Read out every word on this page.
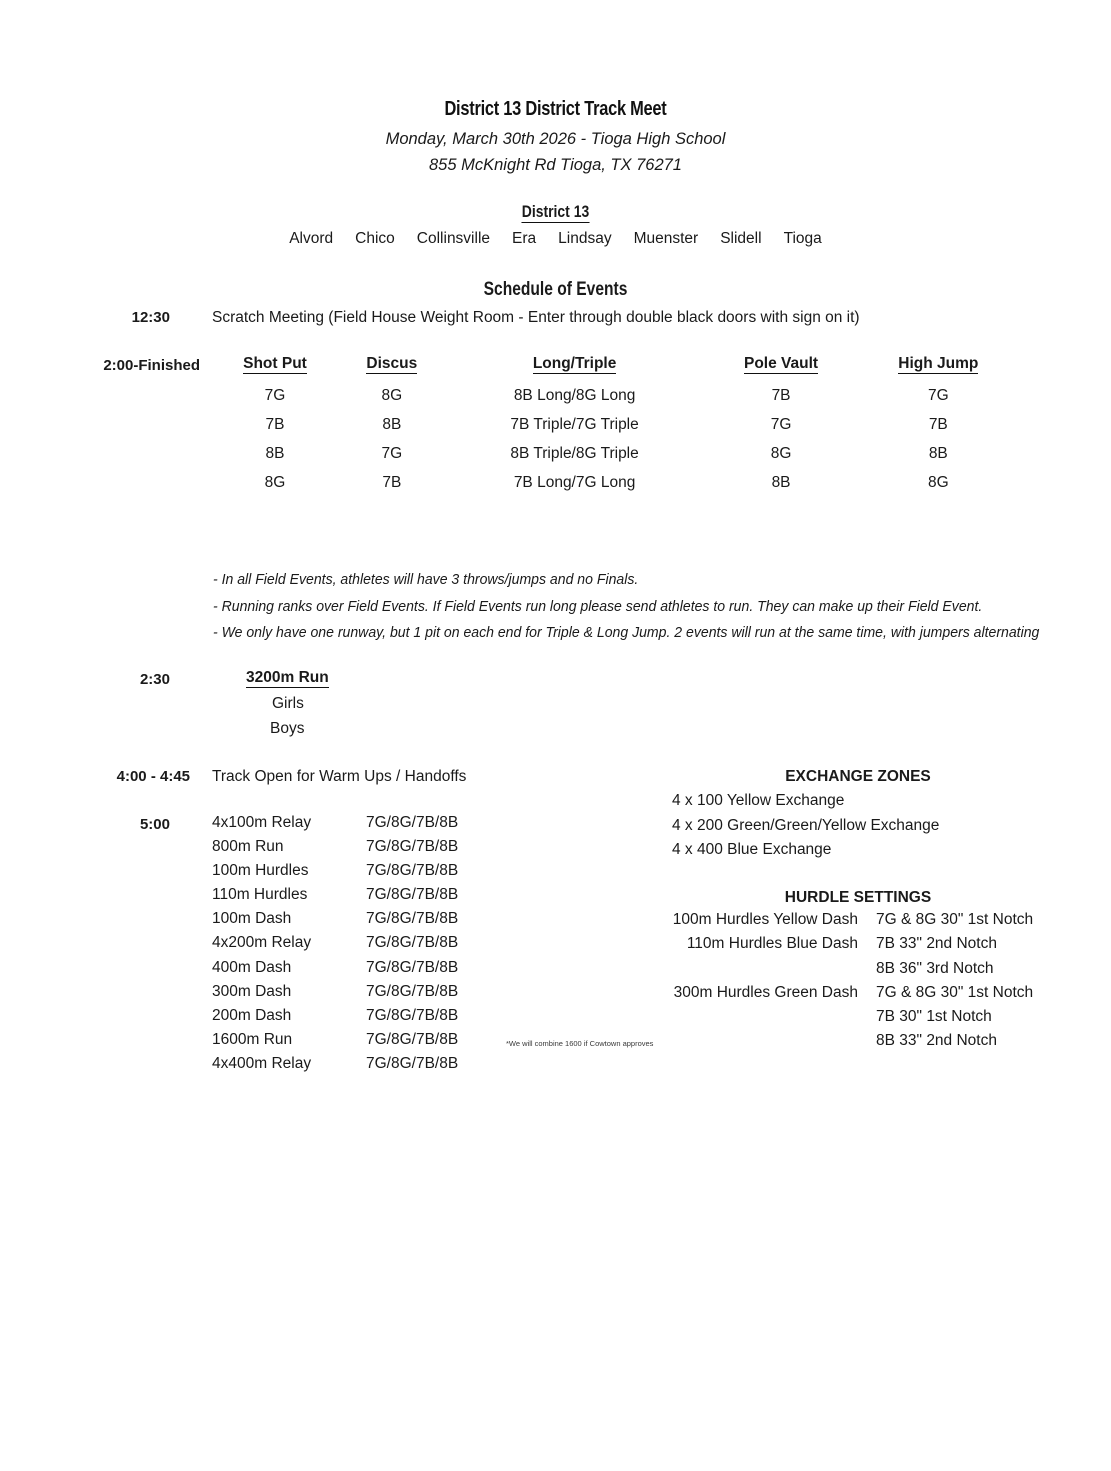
District 13 District Track Meet
Monday, March 30th 2026 - Tioga High School
855 McKnight Rd Tioga, TX 76271
District 13
Alvord	Chico	Collinsville	Era	Lindsay	Muenster	Slidell	Tioga
Schedule of Events
12:30	Scratch Meeting (Field House Weight Room - Enter through double black doors with sign on it)
2:00-Finished	Shot Put	Discus	Long/Triple	Pole Vault	High Jump
7G	8G	8B Long/8G Long	7B	7G
7B	8B	7B Triple/7G Triple	7G	7B
8B	7G	8B Triple/8G Triple	8G	8B
8G	7B	7B Long/7G Long	8B	8G
- In all Field Events, athletes will have 3 throws/jumps and no Finals.
- Running ranks over Field Events. If Field Events run long please send athletes to run. They can make up their Field Event.
- We only have one runway, but 1 pit on each end for Triple & Long Jump. 2 events will run at the same time, with jumpers alternating
2:30	3200m Run
Girls
Boys
4:00 - 4:45 Track Open for Warm Ups / Handoffs
5:00	4x100m Relay	7G/8G/7B/8B
800m Run	7G/8G/7B/8B
100m Hurdles	7G/8G/7B/8B
110m Hurdles	7G/8G/7B/8B
100m Dash	7G/8G/7B/8B
4x200m Relay	7G/8G/7B/8B
400m Dash	7G/8G/7B/8B
300m Dash	7G/8G/7B/8B
200m Dash	7G/8G/7B/8B
1600m Run	7G/8G/7B/8B
4x400m Relay	7G/8G/7B/8B
*We will combine 1600 if Cowtown approves
EXCHANGE ZONES
4 x 100 Yellow Exchange
4 x 200 Green/Green/Yellow Exchange
4 x 400 Blue Exchange
HURDLE SETTINGS
100m Hurdles Yellow Dash	7G & 8G 30" 1st Notch
110m Hurdles Blue Dash	7B 33" 2nd Notch
	8B 36" 3rd Notch
300m Hurdles Green Dash	7G & 8G 30" 1st Notch
	7B 30" 1st Notch
	8B 33" 2nd Notch
